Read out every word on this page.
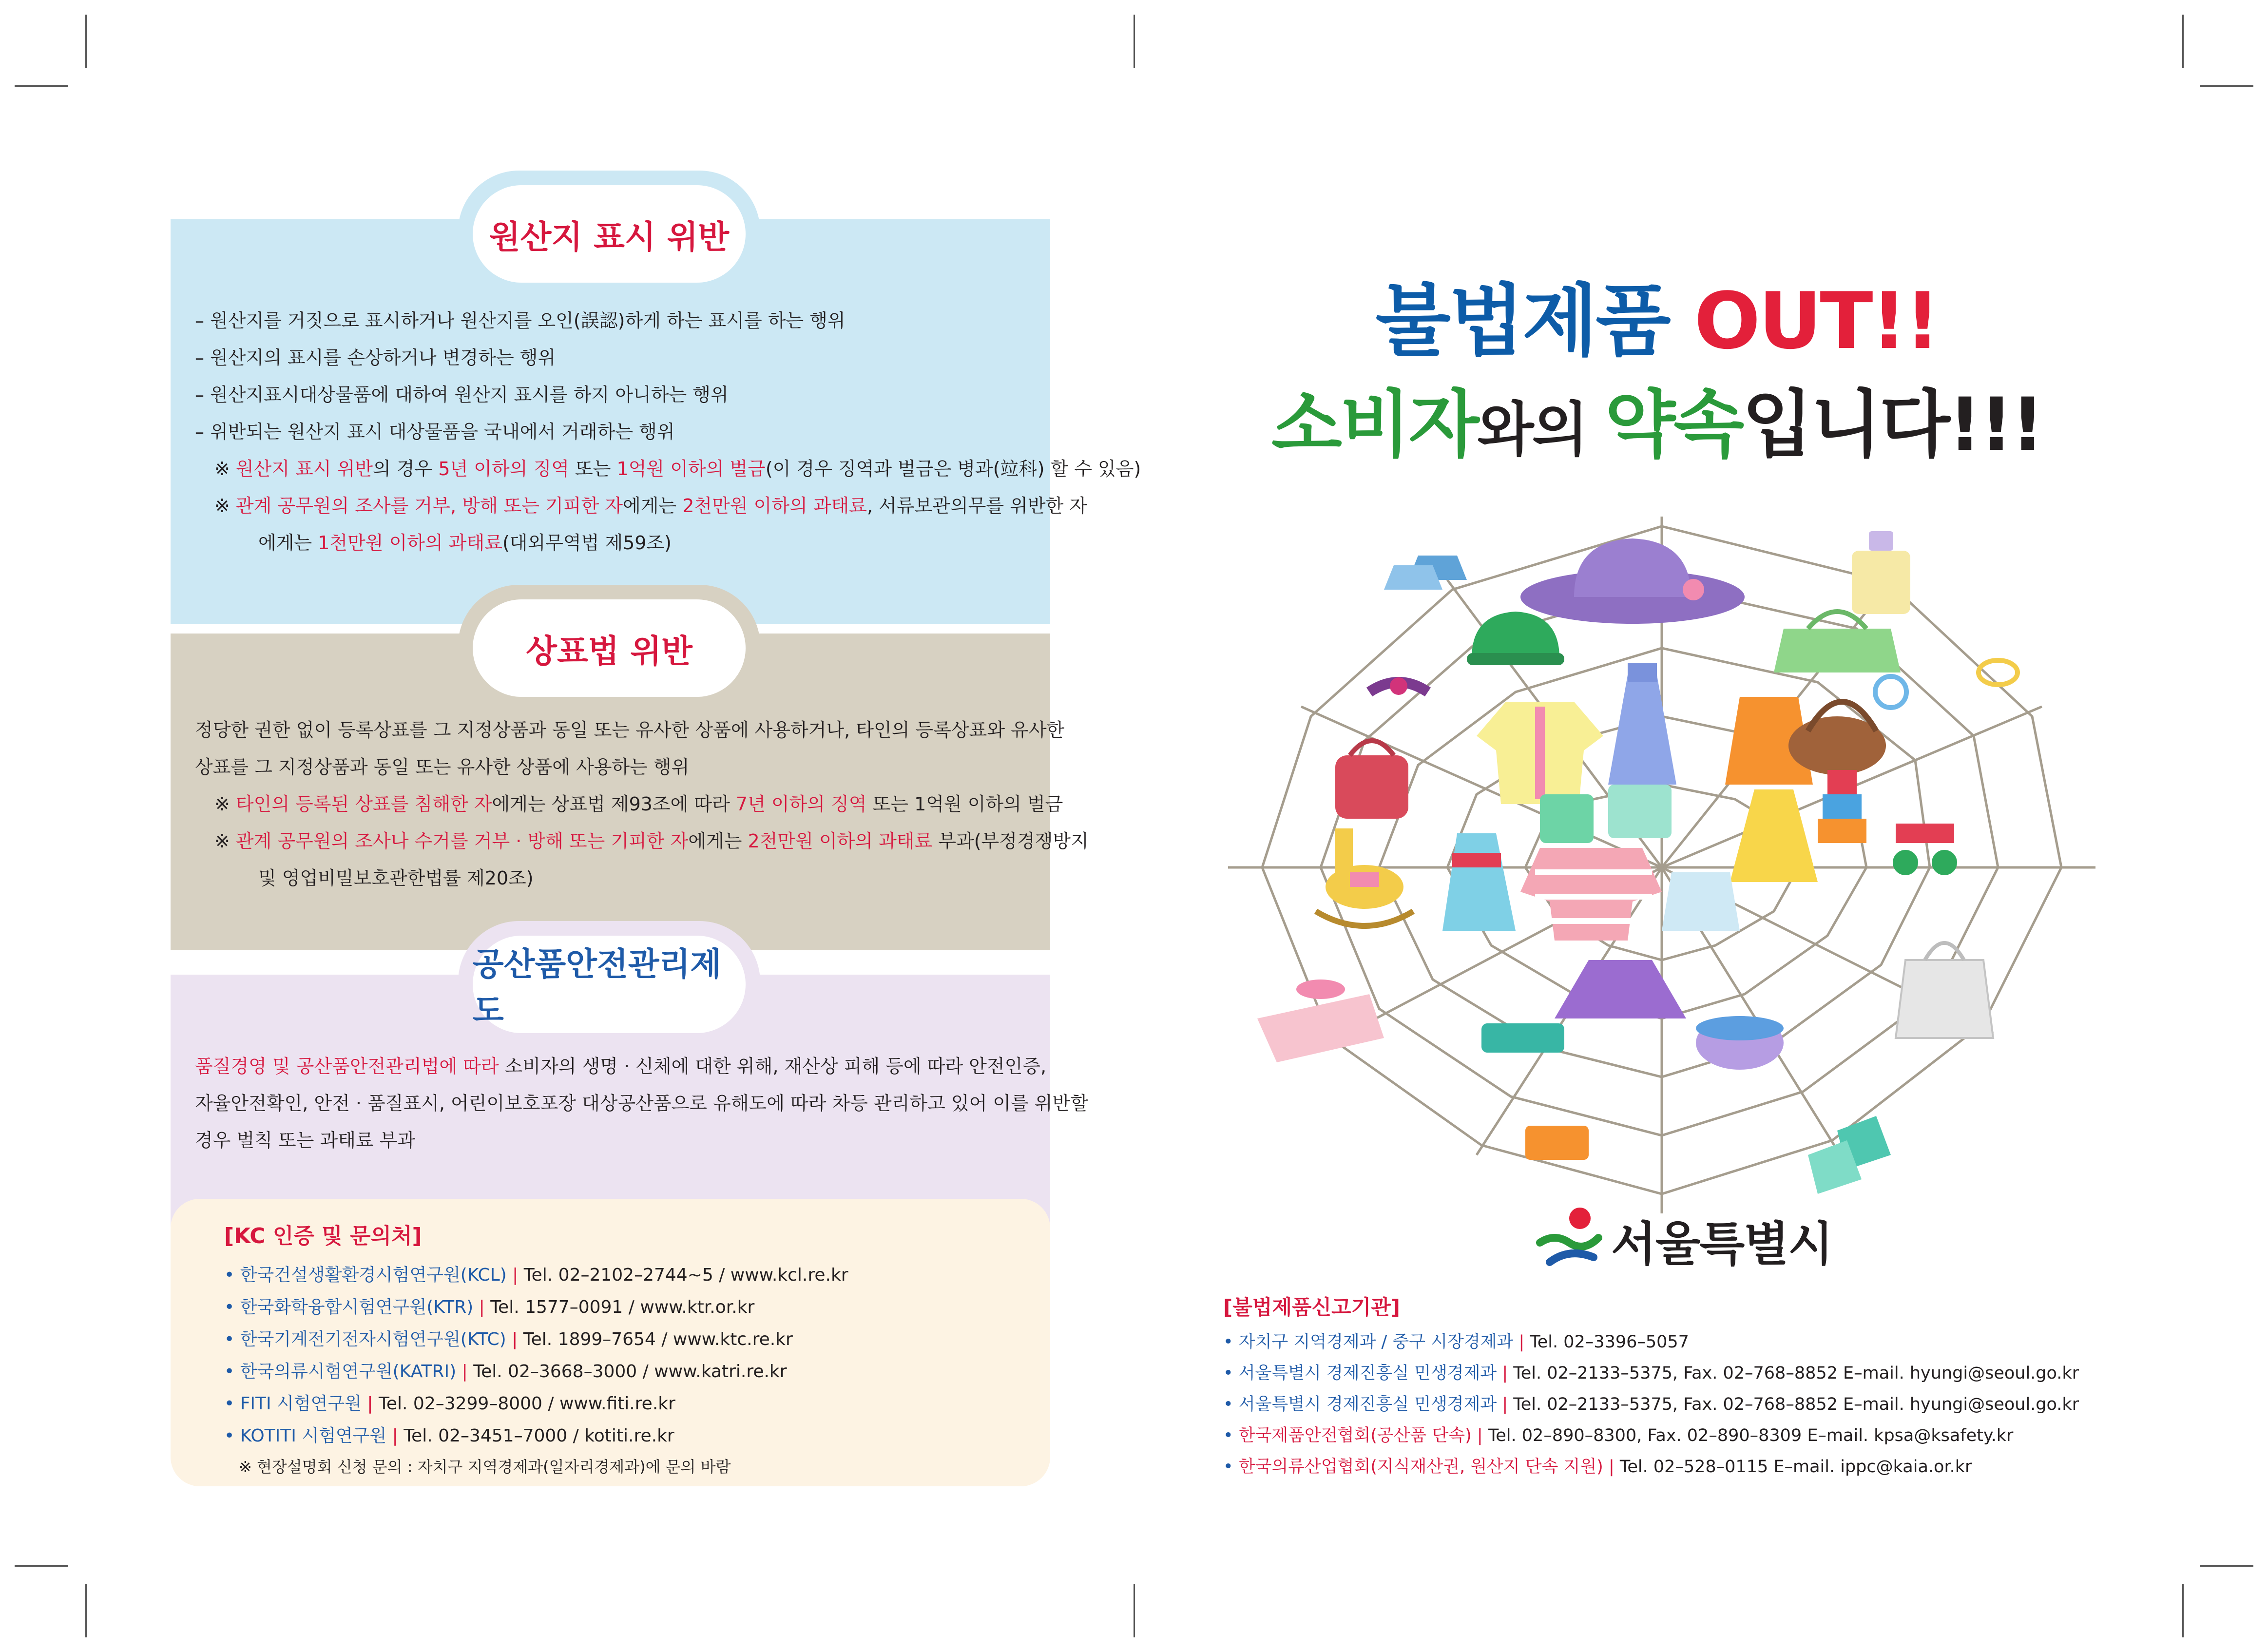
원산지 표시 위반
상표법 위반
공산품안전관리제도
– 원산지를 거짓으로 표시하거나 원산지를 오인(誤認)하게 하는 표시를 하는 행위
– 원산지의 표시를 손상하거나 변경하는 행위
– 원산지표시대상물품에 대하여 원산지 표시를 하지 아니하는 행위
– 위반되는 원산지 표시 대상물품을 국내에서 거래하는 행위
※ 원산지 표시 위반의 경우 5년 이하의 징역 또는 1억원 이하의 벌금(이 경우 징역과 벌금은 병과(竝科) 할 수 있음)
※ 관계 공무원의 조사를 거부, 방해 또는 기피한 자에게는 2천만원 이하의 과태료, 서류보관의무를 위반한 자
에게는 1천만원 이하의 과태료(대외무역법 제59조)
정당한 권한 없이 등록상표를 그 지정상품과 동일 또는 유사한 상품에 사용하거나, 타인의 등록상표와 유사한
상표를 그 지정상품과 동일 또는 유사한 상품에 사용하는 행위
※ 타인의 등록된 상표를 침해한 자에게는 상표법 제93조에 따라 7년 이하의 징역 또는 1억원 이하의 벌금
※ 관계 공무원의 조사나 수거를 거부 · 방해 또는 기피한 자에게는 2천만원 이하의 과태료 부과(부정경쟁방지
및 영업비밀보호관한법률 제20조)
품질경영 및 공산품안전관리법에 따라 소비자의 생명 · 신체에 대한 위해, 재산상 피해 등에 따라 안전인증,
자율안전확인, 안전 · 품질표시, 어린이보호포장 대상공산품으로 유해도에 따라 차등 관리하고 있어 이를 위반할
경우 벌칙 또는 과태료 부과
[KC 인증 및 문의처]
• 한국건설생활환경시험연구원(KCL) | Tel. 02–2102–2744~5 / www.kcl.re.kr
• 한국화학융합시험연구원(KTR) | Tel. 1577–0091 / www.ktr.or.kr
• 한국기계전기전자시험연구원(KTC) | Tel. 1899–7654 / www.ktc.re.kr
• 한국의류시험연구원(KATRI) | Tel. 02–3668–3000 / www.katri.re.kr
• FITI 시험연구원 | Tel. 02–3299–8000 / www.fiti.re.kr
• KOTITI 시험연구원 | Tel. 02–3451–7000 / kotiti.re.kr
※ 현장설명회 신청 문의 : 자치구 지역경제과(일자리경제과)에 문의 바람
불법제품 OUT!!
소비자와의 약속입니다!!!
서울특별시
[불법제품신고기관]
• 자치구 지역경제과 / 중구 시장경제과 | Tel. 02–3396–5057
• 서울특별시 경제진흥실 민생경제과 | Tel. 02–2133–5375, Fax. 02–768–8852 E–mail. hyungi@seoul.go.kr
• 서울특별시 경제진흥실 민생경제과 | Tel. 02–2133–5375, Fax. 02–768–8852 E–mail. hyungi@seoul.go.kr
• 한국제품안전협회(공산품 단속) | Tel. 02–890–8300, Fax. 02–890–8309 E–mail. kpsa@ksafety.kr
• 한국의류산업협회(지식재산권, 원산지 단속 지원) | Tel. 02–528–0115 E–mail. ippc@kaia.or.kr
